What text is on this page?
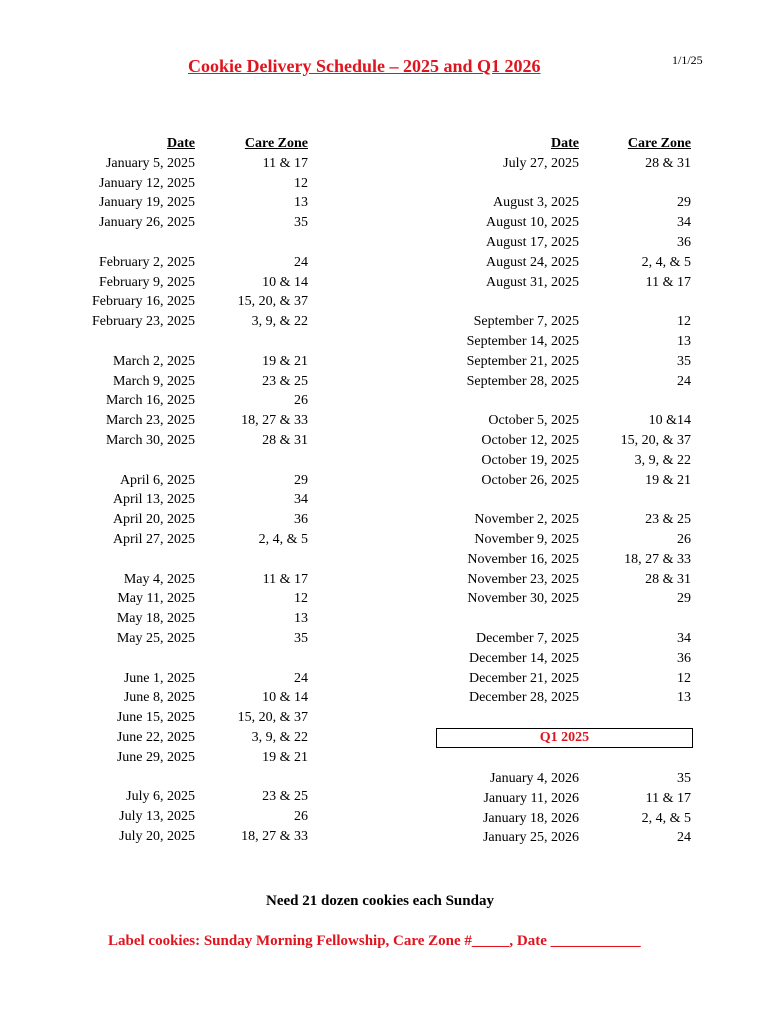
Cookie Delivery Schedule – 2025 and Q1 2026	1/1/25
Date
January 5, 2025
January 12, 2025
January 19, 2025
January 26, 2025
February 2, 2025
February 9, 2025
February 16, 2025
February 23, 2025
March 2, 2025
March 9, 2025
March 16, 2025
March 23, 2025
March 30, 2025
April 6, 2025
April 13, 2025
April 20, 2025
April 27, 2025
May 4, 2025
May 11, 2025
May 18, 2025
May 25, 2025
June 1, 2025
June 8, 2025
June 15, 2025
June 22, 2025
June 29, 2025
July 6, 2025
July 13, 2025
July 20, 2025
Care Zone
11 & 17
12
13
35
24
10 & 14
15, 20, & 37
3, 9, & 22
19 & 21
23 & 25
26
18, 27 & 33
28 & 31
29
34
36
2, 4, & 5
11 & 17
12
13
35
24
10 & 14
15, 20, & 37
3, 9, & 22
19 & 21
23 & 25
26
18, 27 & 33
Date
July 27, 2025
August 3, 2025
August 10, 2025
August 17, 2025
August 24, 2025
August 31, 2025
September 7, 2025
September 14, 2025
September 21, 2025
September 28, 2025
October 5, 2025
October 12, 2025
October 19, 2025
October 26, 2025
November 2, 2025
November 9, 2025
November 16, 2025
November 23, 2025
November 30, 2025
December 7, 2025
December 14, 2025
December 21, 2025
December 28, 2025
Care Zone
28 & 31
29
34
36
2, 4, & 5
11 & 17
12
13
35
24
10 &14
15, 20, & 37
3, 9, & 22
19 & 21
23 & 25
26
18, 27 & 33
28 & 31
29
34
36
12
13
Q1 2025
January 4, 2026
January 11, 2026
January 18, 2026
January 25, 2026
35
11 & 17
2, 4, & 5
24
Need 21 dozen cookies each Sunday
Label cookies: Sunday Morning Fellowship, Care Zone #_____, Date ____________
